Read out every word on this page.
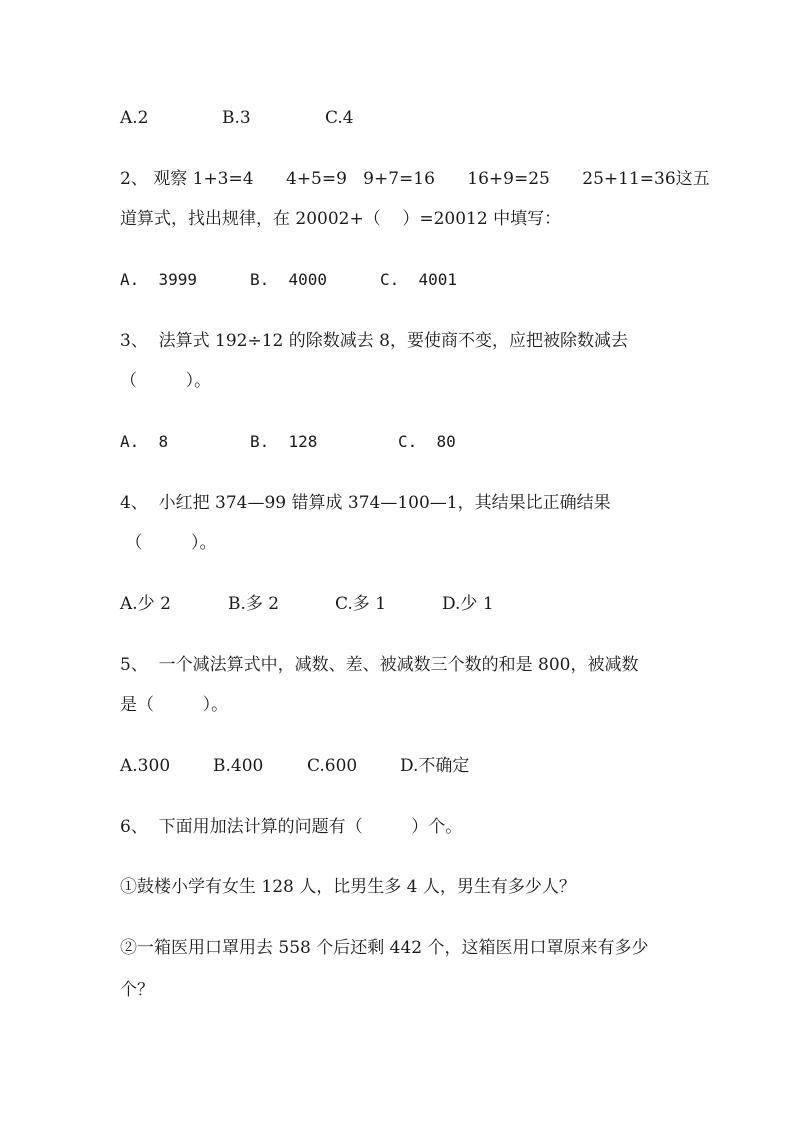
A.2	B.3	C.4
2、 观察 1+3=4      4+5=9   9+7=16      16+9=25      25+11=36这五
道算式，找出规律，在 20002+（    ）=20012 中填写：
A.  3999	B.  4000	C.  4001
3、  法算式 192÷12 的除数减去 8，要使商不变，应把被除数减去
（         ）。
A.  8	B.  128	C.  80
4、  小红把 374—99 错算成 374—100—1，其结果比正确结果
（         ）。
A.少 2	B.多 2	C.多 1	D.少 1
5、  一个减法算式中，减数、差、被减数三个数的和是 800，被减数
是（         ）。
A.300	B.400	C.600	D.不确定
6、  下面用加法计算的问题有（         ）个。
①鼓楼小学有女生 128 人，比男生多 4 人，男生有多少人？
②一箱医用口罩用去 558 个后还剩 442 个，这箱医用口罩原来有多少
个？
